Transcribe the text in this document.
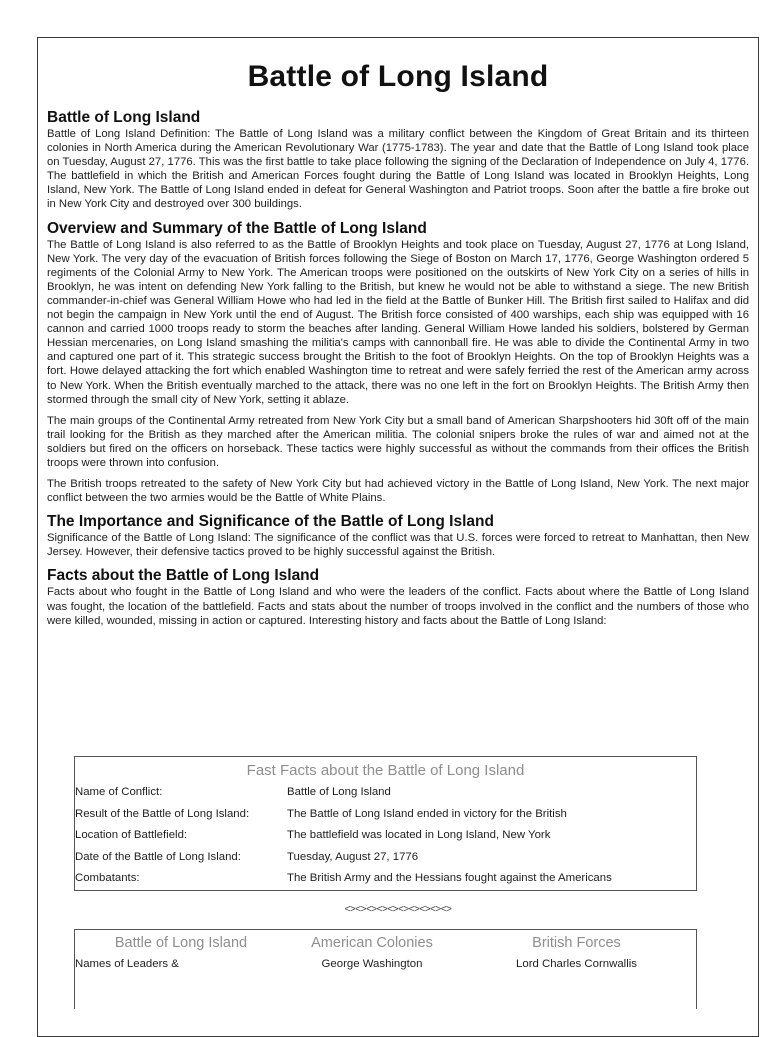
Battle of Long Island
Battle of Long Island

Battle of Long Island Definition: The Battle of Long Island was a military conflict between the Kingdom of Great Britain and its thirteen colonies in North America during the American Revolutionary War (1775-1783). The year and date that the Battle of Long Island took place on Tuesday, August 27, 1776. This was the first battle to take place following the signing of the Declaration of Independence on July 4, 1776. The battlefield in which the British and American Forces fought during the Battle of Long Island was located in Brooklyn Heights, Long Island, New York. The Battle of Long Island ended in defeat for General Washington and Patriot troops. Soon after the battle a fire broke out in New York City and destroyed over 300 buildings.

Overview and Summary of the Battle of Long Island

The Battle of Long Island is also referred to as the Battle of Brooklyn Heights and took place on Tuesday, August 27, 1776 at Long Island, New York. The very day of the evacuation of British forces following the Siege of Boston on March 17, 1776, George Washington ordered 5 regiments of the Colonial Army to New York. The American troops were positioned on the outskirts of New York City on a series of hills in Brooklyn, he was intent on defending New York falling to the British, but knew he would not be able to withstand a siege. The new British commander-in-chief was General William Howe who had led in the field at the Battle of Bunker Hill. The British first sailed to Halifax and did not begin the campaign in New York until the end of August. The British force consisted of 400 warships, each ship was equipped with 16 cannon and carried 1000 troops ready to storm the beaches after landing. General William Howe landed his soldiers, bolstered by German Hessian mercenaries, on Long Island smashing the militia's camps with cannonball fire. He was able to divide the Continental Army in two and captured one part of it. This strategic success brought the British to the foot of Brooklyn Heights. On the top of Brooklyn Heights was a fort. Howe delayed attacking the fort which enabled Washington time to retreat and were safely ferried the rest of the American army across to New York. When the British eventually marched to the attack, there was no one left in the fort on Brooklyn Heights. The British Army then stormed through the small city of New York, setting it ablaze.

The main groups of the Continental Army retreated from New York City but a small band of American Sharpshooters hid 30ft off of the main trail looking for the British as they marched after the American militia. The colonial snipers broke the rules of war and aimed not at the soldiers but fired on the officers on horseback. These tactics were highly successful as without the commands from their offices the British troops were thrown into confusion.

The British troops retreated to the safety of New York City but had achieved victory in the Battle of Long Island, New York. The next major conflict between the two armies would be the Battle of White Plains.

The Importance and Significance of the Battle of Long Island

Significance of the Battle of Long Island: The significance of the conflict was that U.S. forces were forced to retreat to Manhattan, then New Jersey. However, their defensive tactics proved to be highly successful against the British.

Facts about the Battle of Long Island

Facts about who fought in the Battle of Long Island and who were the leaders of the conflict. Facts about where the Battle of Long Island was fought, the location of the battlefield. Facts and stats about the number of troops involved in the conflict and the numbers of those who were killed, wounded, missing in action or captured. Interesting history and facts about the Battle of Long Island:

Fast Facts about the Battle of Long Island
Name of Conflict:	Battle of Long Island
Result of the Battle of Long Island:	The Battle of Long Island ended in victory for the British
Location of Battlefield:	The battlefield was located in Long Island, New York
Date of the Battle of Long Island:	Tuesday, August 27, 1776
Combatants:	The British Army and the Hessians fought against the Americans
<><><><><><><><><><>
Battle of Long Island	American Colonies	British Forces
Names of Leaders &	George Washington	Lord Charles Cornwallis
